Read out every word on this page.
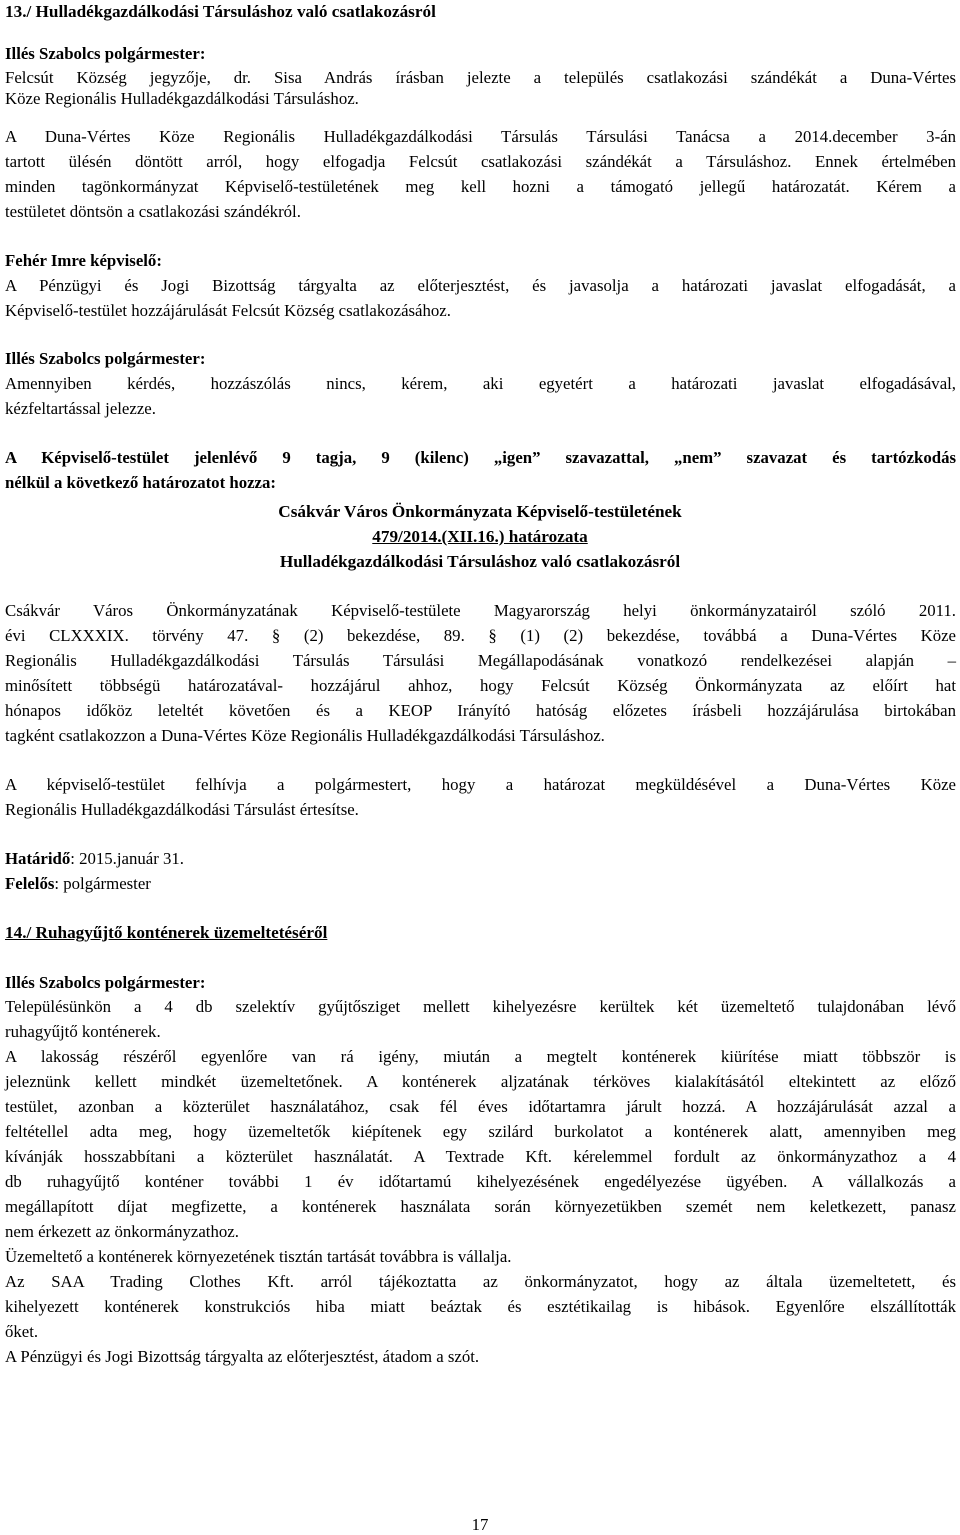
13./ Hulladékgazdálkodási Társuláshoz való csatlakozásról
Illés Szabolcs polgármester:
Felcsút Község jegyzője, dr. Sisa András írásban jelezte a település csatlakozási szándékát a Duna-Vértes
Köze Regionális Hulladékgazdálkodási Társuláshoz.
A Duna-Vértes Köze Regionális Hulladékgazdálkodási Társulás Társulási Tanácsa a 2014.december 3-án
tartott ülésén döntött arról, hogy elfogadja Felcsút csatlakozási szándékát a Társuláshoz. Ennek értelmében
minden tagönkormányzat Képviselő-testületének meg kell hozni a támogató jellegű határozatát. Kérem a
testületet döntsön a csatlakozási szándékról.
Fehér Imre képviselő:
A Pénzügyi és Jogi Bizottság tárgyalta az előterjesztést, és javasolja a határozati javaslat elfogadását, a
Képviselő-testület hozzájárulását Felcsút Község csatlakozásához.
Illés Szabolcs polgármester:
Amennyiben kérdés, hozzászólás nincs, kérem, aki egyetért a határozati javaslat elfogadásával,
kézfeltartással jelezze.
A Képviselő-testület jelenlévő 9 tagja, 9 (kilenc) „igen” szavazattal, „nem” szavazat és tartózkodás
nélkül a következő határozatot hozza:
Csákvár Város Önkormányzata Képviselő-testületének
479/2014.(XII.16.) határozata
Hulladékgazdálkodási Társuláshoz való csatlakozásról
Csákvár Város Önkormányzatának Képviselő-testülete Magyarország helyi önkormányzatairól szóló 2011.
évi CLXXXIX. törvény 47. § (2) bekezdése, 89. § (1) (2) bekezdése, továbbá a Duna-Vértes Köze
Regionális Hulladékgazdálkodási Társulás Társulási Megállapodásának vonatkozó rendelkezései alapján –
minősített többségü határozatával- hozzájárul ahhoz, hogy Felcsút Község Önkormányzata az előírt hat
hónapos időköz leteltét követően és a KEOP Irányító hatóság előzetes írásbeli hozzájárulása birtokában
tagként csatlakozzon a Duna-Vértes Köze Regionális Hulladékgazdálkodási Társuláshoz.
A képviselő-testület felhívja a polgármestert, hogy a határozat megküldésével a Duna-Vértes Köze
Regionális Hulladékgazdálkodási Társulást értesítse.
Határidő: 2015.január 31.
Felelős: polgármester
14./ Ruhagyűjtő konténerek üzemeltetéséről
Illés Szabolcs polgármester:
Településünkön a 4 db szelektív gyűjtősziget mellett kihelyezésre kerültek két üzemeltető tulajdonában lévő
ruhagyűjtő konténerek.
A lakosság részéről egyenlőre van rá igény, miután a megtelt konténerek kiürítése miatt többször is
jeleznünk kellett mindkét üzemeltetőnek. A konténerek aljzatának térköves kialakításától eltekintett az előző
testület, azonban a közterület használatához, csak fél éves időtartamra járult hozzá. A hozzájárulását azzal a
feltétellel adta meg, hogy üzemeltetők kiépítenek egy szilárd burkolatot a konténerek alatt, amennyiben meg
kívánják hosszabbítani a közterület használatát. A Textrade Kft. kérelemmel fordult az önkormányzathoz a 4
db ruhagyűjtő konténer további 1 év időtartamú kihelyezésének engedélyezése ügyében. A vállalkozás a
megállapított díjat megfizette, a konténerek használata során környezetükben szemét nem keletkezett, panasz
nem érkezett az önkormányzathoz.
Üzemeltető a konténerek környezetének tisztán tartását továbbra is vállalja.
Az SAA Trading Clothes Kft. arról tájékoztatta az önkormányzatot, hogy az általa üzemeltetett, és
kihelyezett konténerek konstrukciós hiba miatt beáztak és esztétikailag is hibások. Egyenlőre elszállították
őket.
A Pénzügyi és Jogi Bizottság tárgyalta az előterjesztést, átadom a szót.
17
